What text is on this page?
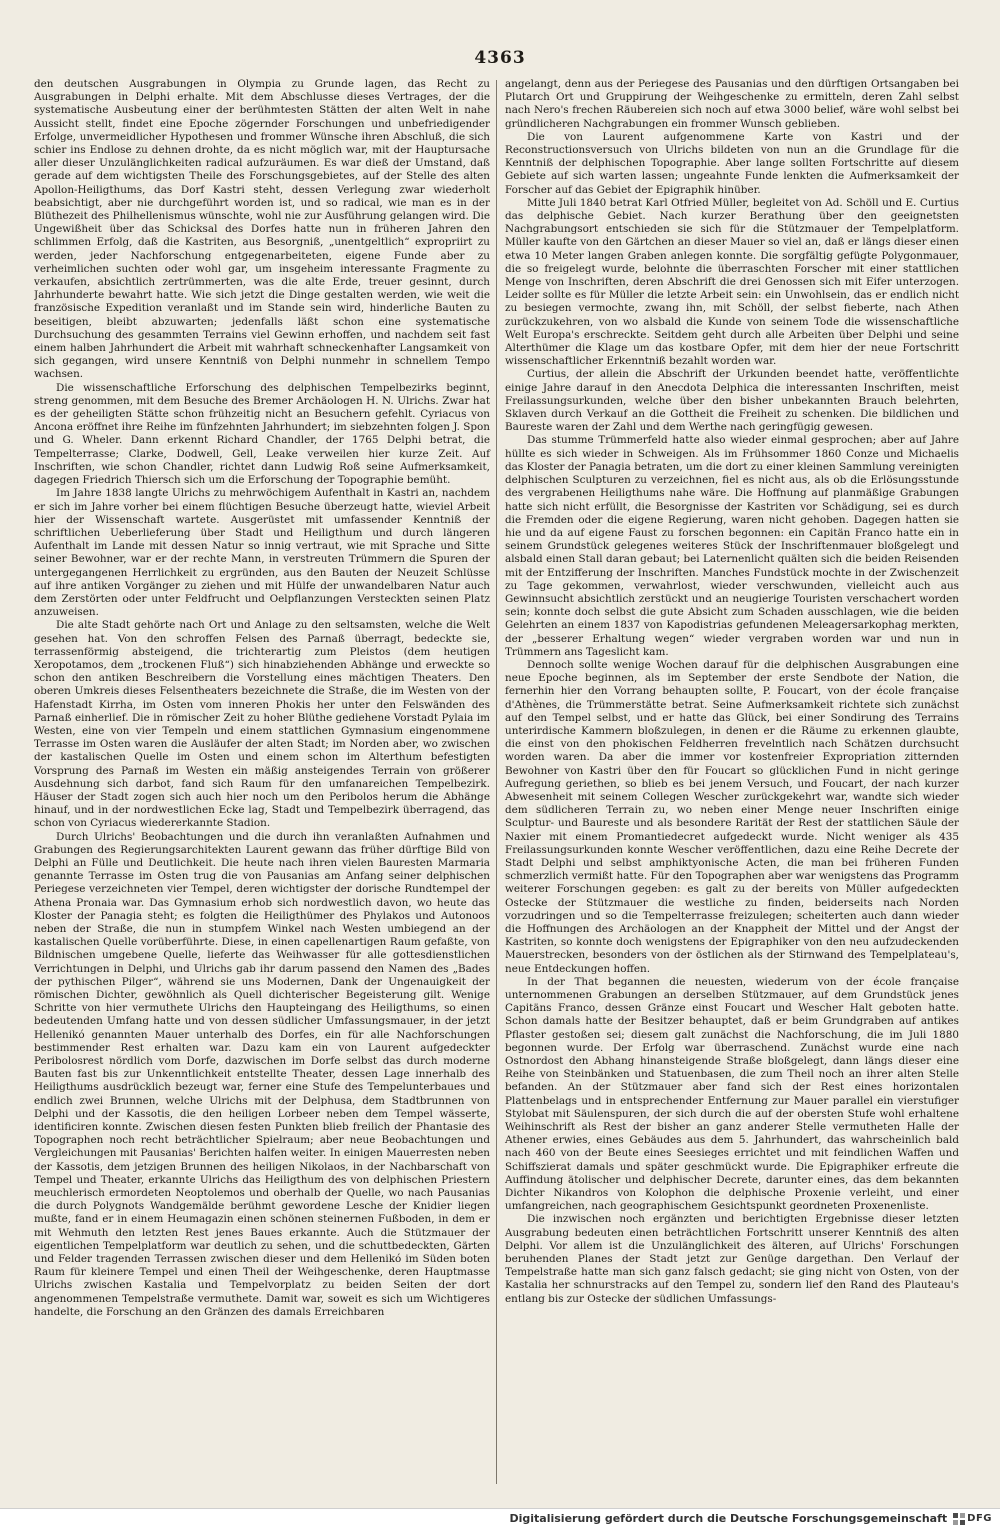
4363

den deutschen Ausgrabungen in Olympia zu Grunde lagen, das Recht zu Ausgrabungen in Delphi erhalte. Mit dem Abschlusse dieses Vertrages, der die systematische Ausbeutung einer der berühmtesten Stätten der alten Welt in nahe Aussicht stellt, findet eine Epoche zögernder Forschungen und unbefriedigender Erfolge, unvermeidlicher Hypothesen und frommer Wünsche ihren Abschluß, die sich schier ins Endlose zu dehnen drohte, da es nicht möglich war, mit der Hauptursache aller dieser Unzulänglichkeiten radical aufzuräumen. Es war dieß der Umstand, daß gerade auf dem wichtigsten Theile des Forschungsgebietes, auf der Stelle des alten Apollon-Heiligthums, das Dorf Kastri steht, dessen Verlegung zwar wiederholt beabsichtigt, aber nie durchgeführt worden ist, und so radical, wie man es in der Blüthezeit des Philhellenismus wünschte, wohl nie zur Ausführung gelangen wird. Die Ungewißheit über das Schicksal des Dorfes hatte nun in früheren Jahren den schlimmen Erfolg, daß die Kastriten, aus Besorgniß, „unentgeltlich“ expropriirt zu werden, jeder Nachforschung entgegenarbeiteten, eigene Funde aber zu verheimlichen suchten oder wohl gar, um insgeheim interessante Fragmente zu verkaufen, absichtlich zertrümmerten, was die alte Erde, treuer gesinnt, durch Jahrhunderte bewahrt hatte. Wie sich jetzt die Dinge gestalten werden, wie weit die französische Expedition veranlaßt und im Stande sein wird, hinderliche Bauten zu beseitigen, bleibt abzuwarten; jedenfalls läßt schon eine systematische Durchsuchung des gesammten Terrains viel Gewinn erhoffen, und nachdem seit fast einem halben Jahrhundert die Arbeit mit wahrhaft schneckenhafter Langsamkeit von sich gegangen, wird unsere Kenntniß von Delphi nunmehr in schnellem Tempo wachsen.

Die wissenschaftliche Erforschung des delphischen Tempelbezirks beginnt, streng genommen, mit dem Besuche des Bremer Archäologen H. N. Ulrichs. Zwar hat es der geheiligten Stätte schon frühzeitig nicht an Besuchern gefehlt. Cyriacus von Ancona eröffnet ihre Reihe im fünfzehnten Jahrhundert; im siebzehnten folgen J. Spon und G. Wheler. Dann erkennt Richard Chandler, der 1765 Delphi betrat, die Tempelterrasse; Clarke, Dodwell, Gell, Leake verweilen hier kurze Zeit. Auf Inschriften, wie schon Chandler, richtet dann Ludwig Roß seine Aufmerksamkeit, dagegen Friedrich Thiersch sich um die Erforschung der Topographie bemüht.

Im Jahre 1838 langte Ulrichs zu mehrwöchigem Aufenthalt in Kastri an, nachdem er sich im Jahre vorher bei einem flüchtigen Besuche überzeugt hatte, wieviel Arbeit hier der Wissenschaft wartete. Ausgerüstet mit umfassender Kenntniß der schriftlichen Ueberlieferung über Stadt und Heiligthum und durch längeren Aufenthalt im Lande mit dessen Natur so innig vertraut, wie mit Sprache und Sitte seiner Bewohner, war er der rechte Mann, in verstreuten Trümmern die Spuren der untergegangenen Herrlichkeit zu ergründen, aus den Bauten der Neuzeit Schlüsse auf ihre antiken Vorgänger zu ziehen und mit Hülfe der unwandelbaren Natur auch dem Zerstörten oder unter Feldfrucht und Oelpflanzungen Versteckten seinen Platz anzuweisen.

Die alte Stadt gehörte nach Ort und Anlage zu den seltsamsten, welche die Welt gesehen hat. Von den schroffen Felsen des Parnaß überragt, bedeckte sie, terrassenförmig absteigend, die trichterartig zum Pleistos (dem heutigen Xeropotamos, dem „trockenen Fluß“) sich hinabziehenden Abhänge und erweckte so schon den antiken Beschreibern die Vorstellung eines mächtigen Theaters. Den oberen Umkreis dieses Felsentheaters bezeichnete die Straße, die im Westen von der Hafenstadt Kirrha, im Osten vom inneren Phokis her unter den Felswänden des Parnaß einherlief. Die in römischer Zeit zu hoher Blüthe gediehene Vorstadt Pylaia im Westen, eine von vier Tempeln und einem stattlichen Gymnasium eingenommene Terrasse im Osten waren die Ausläufer der alten Stadt; im Norden aber, wo zwischen der kastalischen Quelle im Osten und einem schon im Alterthum befestigten Vorsprung des Parnaß im Westen ein mäßig ansteigendes Terrain von größerer Ausdehnung sich darbot, fand sich Raum für den umfanareichen Tempelbezirk. Häuser der Stadt zogen sich auch hier noch um den Peribolos herum die Abhänge hinauf, und in der nordwestlichen Ecke lag, Stadt und Tempelbezirk überragend, das schon von Cyriacus wiedererkannte Stadion.

Durch Ulrichs' Beobachtungen und die durch ihn veranlaßten Aufnahmen und Grabungen des Regierungsarchitekten Laurent gewann das früher dürftige Bild von Delphi an Fülle und Deutlichkeit. Die heute nach ihren vielen Bauresten Marmaria genannte Terrasse im Osten trug die von Pausanias am Anfang seiner delphischen Periegese verzeichneten vier Tempel, deren wichtigster der dorische Rundtempel der Athena Pronaia war. Das Gymnasium erhob sich nordwestlich davon, wo heute das Kloster der Panagia steht; es folgten die Heiligthümer des Phylakos und Autonoos neben der Straße, die nun in stumpfem Winkel nach Westen umbiegend an der kastalischen Quelle vorüberführte. Diese, in einen capellenartigen Raum gefaßte, von Bildnischen umgebene Quelle, lieferte das Weihwasser für alle gottesdienstlichen Verrichtungen in Delphi, und Ulrichs gab ihr darum passend den Namen des „Bades der pythischen Pilger“, während sie uns Modernen, Dank der Ungenauigkeit der römischen Dichter, gewöhnlich als Quell dichterischer Begeisterung gilt. Wenige Schritte von hier vermuthete Ulrichs den Haupteingang des Heiligthums, so einen bedeutenden Umfang hatte und von dessen südlicher Umfassungsmauer, in der jetzt Hellenikó genannten Mauer unterhalb des Dorfes, ein für alle Nachforschungen bestimmender Rest erhalten war. Dazu kam ein von Laurent aufgedeckter Peribolosrest nördlich vom Dorfe, dazwischen im Dorfe selbst das durch moderne Bauten fast bis zur Unkenntlichkeit entstellte Theater, dessen Lage innerhalb des Heiligthums ausdrücklich bezeugt war, ferner eine Stufe des Tempelunterbaues und endlich zwei Brunnen, welche Ulrichs mit der Delphusa, dem Stadtbrunnen von Delphi und der Kassotis, die den heiligen Lorbeer neben dem Tempel wässerte, identificiren konnte. Zwischen diesen festen Punkten blieb freilich der Phantasie des Topographen noch recht beträchtlicher Spielraum; aber neue Beobachtungen und Vergleichungen mit Pausanias' Berichten halfen weiter. In einigen Mauerresten neben der Kassotis, dem jetzigen Brunnen des heiligen Nikolaos, in der Nachbarschaft von Tempel und Theater, erkannte Ulrichs das Heiligthum des von delphischen Priestern meuchlerisch ermordeten Neoptolemos und oberhalb der Quelle, wo nach Pausanias die durch Polygnots Wandgemälde berühmt gewordene Lesche der Knidier liegen mußte, fand er in einem Heumagazin einen schönen steinernen Fußboden, in dem er mit Wehmuth den letzten Rest jenes Baues erkannte. Auch die Stützmauer der eigentlichen Tempelplatform war deutlich zu sehen, und die schuttbedeckten, Gärten und Felder tragenden Terrassen zwischen dieser und dem Hellenikó im Süden boten Raum für kleinere Tempel und einen Theil der Weihgeschenke, deren Hauptmasse Ulrichs zwischen Kastalia und Tempelvorplatz zu beiden Seiten der dort angenommenen Tempelstraße vermuthete. Damit war, soweit es sich um Wichtigeres handelte, die Forschung an den Gränzen des damals Erreichbaren

angelangt, denn aus der Periegese des Pausanias und den dürftigen Ortsangaben bei Plutarch Ort und Gruppirung der Weihgeschenke zu ermitteln, deren Zahl selbst nach Nero's frechen Räubereien sich noch auf etwa 3000 belief, wäre wohl selbst bei gründlicheren Nachgrabungen ein frommer Wunsch geblieben.

Die von Laurent aufgenommene Karte von Kastri und der Reconstructionsversuch von Ulrichs bildeten von nun an die Grundlage für die Kenntniß der delphischen Topographie. Aber lange sollten Fortschritte auf diesem Gebiete auf sich warten lassen; ungeahnte Funde lenkten die Aufmerksamkeit der Forscher auf das Gebiet der Epigraphik hinüber.

Mitte Juli 1840 betrat Karl Otfried Müller, begleitet von Ad. Schöll und E. Curtius das delphische Gebiet. Nach kurzer Berathung über den geeignetsten Nachgrabungsort entschieden sie sich für die Stützmauer der Tempelplatform. Müller kaufte von den Gärtchen an dieser Mauer so viel an, daß er längs dieser einen etwa 10 Meter langen Graben anlegen konnte. Die sorgfältig gefügte Polygonmauer, die so freigelegt wurde, belohnte die überraschten Forscher mit einer stattlichen Menge von Inschriften, deren Abschrift die drei Genossen sich mit Eifer unterzogen. Leider sollte es für Müller die letzte Arbeit sein: ein Unwohlsein, das er endlich nicht zu besiegen vermochte, zwang ihn, mit Schöll, der selbst fieberte, nach Athen zurückzukehren, von wo alsbald die Kunde von seinem Tode die wissenschaftliche Welt Europa's erschreckte. Seitdem geht durch alle Arbeiten über Delphi und seine Alterthümer die Klage um das kostbare Opfer, mit dem hier der neue Fortschritt wissenschaftlicher Erkenntniß bezahlt worden war.

Curtius, der allein die Abschrift der Urkunden beendet hatte, veröffentlichte einige Jahre darauf in den Anecdota Delphica die interessanten Inschriften, meist Freilassungsurkunden, welche über den bisher unbekannten Brauch belehrten, Sklaven durch Verkauf an die Gottheit die Freiheit zu schenken. Die bildlichen und Baureste waren der Zahl und dem Werthe nach geringfügig gewesen.

Das stumme Trümmerfeld hatte also wieder einmal gesprochen; aber auf Jahre hüllte es sich wieder in Schweigen. Als im Frühsommer 1860 Conze und Michaelis das Kloster der Panagia betraten, um die dort zu einer kleinen Sammlung vereinigten delphischen Sculpturen zu verzeichnen, fiel es nicht aus, als ob die Erlösungsstunde des vergrabenen Heiligthums nahe wäre. Die Hoffnung auf planmäßige Grabungen hatte sich nicht erfüllt, die Besorgnisse der Kastriten vor Schädigung, sei es durch die Fremden oder die eigene Regierung, waren nicht gehoben. Dagegen hatten sie hie und da auf eigene Faust zu forschen begonnen: ein Capitän Franco hatte ein in seinem Grundstück gelegenes weiteres Stück der Inschriftenmauer bloßgelegt und alsbald einen Stall daran gebaut; bei Laternenlicht quälten sich die beiden Reisenden mit der Entzifferung der Inschriften. Manches Fundstück mochte in der Zwischenzeit zu Tage gekommen, verwahrlost, wieder verschwunden, vielleicht auch aus Gewinnsucht absichtlich zerstückt und an neugierige Touristen verschachert worden sein; konnte doch selbst die gute Absicht zum Schaden ausschlagen, wie die beiden Gelehrten an einem 1837 von Kapodistrias gefundenen Meleagersarkophag merkten, der „besserer Erhaltung wegen“ wieder vergraben worden war und nun in Trümmern ans Tageslicht kam.

Dennoch sollte wenige Wochen darauf für die delphischen Ausgrabungen eine neue Epoche beginnen, als im September der erste Sendbote der Nation, die fernerhin hier den Vorrang behaupten sollte, P. Foucart, von der école française d'Athènes, die Trümmerstätte betrat. Seine Aufmerksamkeit richtete sich zunächst auf den Tempel selbst, und er hatte das Glück, bei einer Sondirung des Terrains unterirdische Kammern bloßzulegen, in denen er die Räume zu erkennen glaubte, die einst von den phokischen Feldherren frevelntlich nach Schätzen durchsucht worden waren. Da aber die immer vor kostenfreier Expropriation zitternden Bewohner von Kastri über den für Foucart so glücklichen Fund in nicht geringe Aufregung geriethen, so blieb es bei jenem Versuch, und Foucart, der nach kurzer Abwesenheit mit seinem Collegen Wescher zurückgekehrt war, wandte sich wieder dem südlicheren Terrain zu, wo neben einer Menge neuer Inschriften einige Sculptur- und Baureste und als besondere Rarität der Rest der stattlichen Säule der Naxier mit einem Promantiedecret aufgedeckt wurde. Nicht weniger als 435 Freilassungsurkunden konnte Wescher veröffentlichen, dazu eine Reihe Decrete der Stadt Delphi und selbst amphiktyonische Acten, die man bei früheren Funden schmerzlich vermißt hatte. Für den Topographen aber war wenigstens das Programm weiterer Forschungen gegeben: es galt zu der bereits von Müller aufgedeckten Ostecke der Stützmauer die westliche zu finden, beiderseits nach Norden vorzudringen und so die Tempelterrasse freizulegen; scheiterten auch dann wieder die Hoffnungen des Archäologen an der Knappheit der Mittel und der Angst der Kastriten, so konnte doch wenigstens der Epigraphiker von den neu aufzudeckenden Mauerstrecken, besonders von der östlichen als der Stirnwand des Tempelplateau's, neue Entdeckungen hoffen.

In der That begannen die neuesten, wiederum von der école française unternommenen Grabungen an derselben Stützmauer, auf dem Grundstück jenes Capitäns Franco, dessen Gränze einst Foucart und Wescher Halt geboten hatte. Schon damals hatte der Besitzer behauptet, daß er beim Grundgraben auf antikes Pflaster gestoßen sei; diesem galt zunächst die Nachforschung, die im Juli 1880 begonnen wurde. Der Erfolg war überraschend. Zunächst wurde eine nach Ostnordost den Abhang hinansteigende Straße bloßgelegt, dann längs dieser eine Reihe von Steinbänken und Statuenbasen, die zum Theil noch an ihrer alten Stelle befanden. An der Stützmauer aber fand sich der Rest eines horizontalen Plattenbelags und in entsprechender Entfernung zur Mauer parallel ein vierstufiger Stylobat mit Säulenspuren, der sich durch die auf der obersten Stufe wohl erhaltene Weihinschrift als Rest der bisher an ganz anderer Stelle vermutheten Halle der Athener erwies, eines Gebäudes aus dem 5. Jahrhundert, das wahrscheinlich bald nach 460 von der Beute eines Seesieges errichtet und mit feindlichen Waffen und Schiffszierat damals und später geschmückt wurde. Die Epigraphiker erfreute die Auffindung ätolischer und delphischer Decrete, darunter eines, das dem bekannten Dichter Nikandros von Kolophon die delphische Proxenie verleiht, und einer umfangreichen, nach geographischem Gesichtspunkt geordneten Proxenenliste.

Die inzwischen noch ergänzten und berichtigten Ergebnisse dieser letzten Ausgrabung bedeuten einen beträchtlichen Fortschritt unserer Kenntniß des alten Delphi. Vor allem ist die Unzulänglichkeit des älteren, auf Ulrichs' Forschungen beruhenden Planes der Stadt jetzt zur Genüge dargethan. Den Verlauf der Tempelstraße hatte man sich ganz falsch gedacht; sie ging nicht von Osten, von der Kastalia her schnurstracks auf den Tempel zu, sondern lief den Rand des Plauteau's entlang bis zur Ostecke der südlichen Umfassungs-

Digitalisierung gefördert durch die Deutsche Forschungsgemeinschaft DFG
